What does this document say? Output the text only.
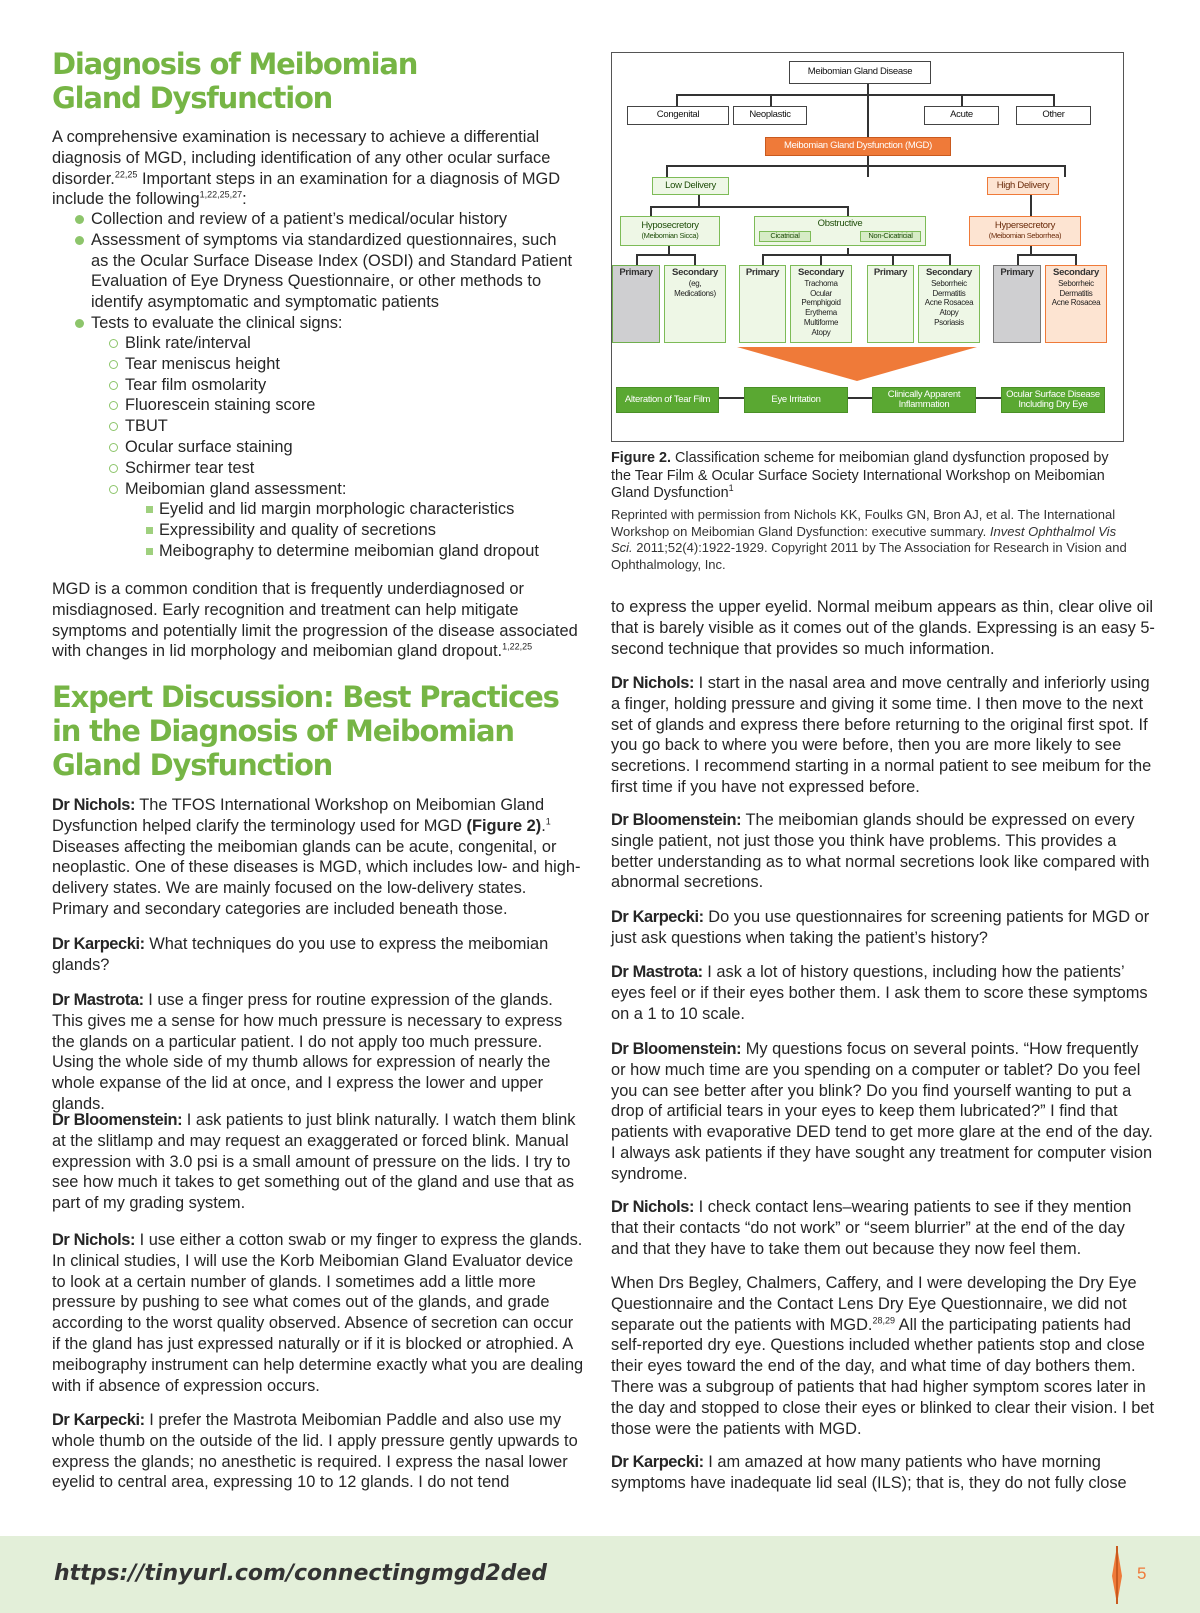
Diagnosis of Meibomian Gland Dysfunction

A comprehensive examination is necessary to achieve a differential diagnosis of MGD, including identification of any other ocular surface disorder.$^{22,25}$ Important steps in an examination for a diagnosis of MGD include the following$^{1,22,25,27}$:

Collection and review of a patient’s medical/ocular history
Assessment of symptoms via standardized questionnaires, such as the Ocular Surface Disease Index (OSDI) and Standard Patient Evaluation of Eye Dryness Questionnaire, or other methods to identify asymptomatic and symptomatic patients
Tests to evaluate the clinical signs:
Blink rate/interval
Tear meniscus height
Tear film osmolarity
Fluorescein staining score
TBUT
Ocular surface staining
Schirmer tear test
Meibomian gland assessment:
Eyelid and lid margin morphologic characteristics
Expressibility and quality of secretions
Meibography to determine meibomian gland dropout

MGD is a common condition that is frequently underdiagnosed or misdiagnosed. Early recognition and treatment can help mitigate symptoms and potentially limit the progression of the disease associated with changes in lid morphology and meibomian gland dropout.$^{1,22,25}$

Expert Discussion: Best Practices in the Diagnosis of Meibomian Gland Dysfunction

Dr Nichols: The TFOS International Workshop on Meibomian Gland Dysfunction helped clarify the terminology used for MGD (Figure 2).$^1$ Diseases affecting the meibomian glands can be acute, congenital, or neoplastic. One of these diseases is MGD, which includes low- and high-delivery states. We are mainly focused on the low-delivery states. Primary and secondary categories are included beneath those.

Dr Karpecki: What techniques do you use to express the meibomian glands?

Dr Mastrota: I use a finger press for routine expression of the glands. This gives me a sense for how much pressure is necessary to express the glands on a particular patient. I do not apply too much pressure. Using the whole side of my thumb allows for expression of nearly the whole expanse of the lid at once, and I express the lower and upper glands.

Dr Bloomenstein: I ask patients to just blink naturally. I watch them blink at the slitlamp and may request an exaggerated or forced blink. Manual expression with 3.0 psi is a small amount of pressure on the lids. I try to see how much it takes to get something out of the gland and use that as part of my grading system.

Dr Nichols: I use either a cotton swab or my finger to express the glands. In clinical studies, I will use the Korb Meibomian Gland Evaluator device to look at a certain number of glands. I sometimes add a little more pressure by pushing to see what comes out of the glands, and grade according to the worst quality observed. Absence of secretion can occur if the gland has just expressed naturally or if it is blocked or atrophied. A meibography instrument can help determine exactly what you are dealing with if absence of expression occurs.

Dr Karpecki: I prefer the Mastrota Meibomian Paddle and also use my whole thumb on the outside of the lid. I apply pressure gently upwards to express the glands; no anesthetic is required. I express the nasal lower eyelid to central area, expressing 10 to 12 glands. I do not tend

Meibomian Gland Disease
Congenital	Neoplastic	Acute	Other
Meibomian Gland Dysfunction (MGD)
Low Delivery	High Delivery
Hyposecretory
(Meibomian Sicca)
Obstructive
Cicatricial	Non-Cicatricial
Hypersecretory
(Meibomian Seborrhea)
Primary	Secondary
(eg,
Medications)
Primary	Secondary
Trachoma
Ocular
Pemphigoid
Erythema
Multiforme
Atopy
Primary	Secondary
Seborrheic
Dermatitis
Acne Rosacea
Atopy
Psoriasis
Primary	Secondary
Seborrheic
Dermatitis
Acne Rosacea
Alteration of Tear Film	Eye Irritation	Clinically Apparent Inflammation
Ocular Surface Disease Including Dry Eye

Figure 2. Classification scheme for meibomian gland dysfunction proposed by the Tear Film & Ocular Surface Society International Workshop on Meibomian Gland Dysfunction$^1$

Reprinted with permission from Nichols KK, Foulks GN, Bron AJ, et al. The International Workshop on Meibomian Gland Dysfunction: executive summary. Invest Ophthalmol Vis Sci. 2011;52(4):1922-1929. Copyright 2011 by The Association for Research in Vision and Ophthalmology, Inc.

to express the upper eyelid. Normal meibum appears as thin, clear olive oil that is barely visible as it comes out of the glands. Expressing is an easy 5-second technique that provides so much information.

Dr Nichols: I start in the nasal area and move centrally and inferiorly using a finger, holding pressure and giving it some time. I then move to the next set of glands and express there before returning to the original first spot. If you go back to where you were before, then you are more likely to see secretions. I recommend starting in a normal patient to see meibum for the first time if you have not expressed before.

Dr Bloomenstein: The meibomian glands should be expressed on every single patient, not just those you think have problems. This provides a better understanding as to what normal secretions look like compared with abnormal secretions.

Dr Karpecki: Do you use questionnaires for screening patients for MGD or just ask questions when taking the patient’s history?

Dr Mastrota: I ask a lot of history questions, including how the patients’ eyes feel or if their eyes bother them. I ask them to score these symptoms on a 1 to 10 scale.

Dr Bloomenstein: My questions focus on several points. “How frequently or how much time are you spending on a computer or tablet? Do you feel you can see better after you blink? Do you find yourself wanting to put a drop of artificial tears in your eyes to keep them lubricated?” I find that patients with evaporative DED tend to get more glare at the end of the day. I always ask patients if they have sought any treatment for computer vision syndrome.

Dr Nichols: I check contact lens–wearing patients to see if they mention that their contacts “do not work” or “seem blurrier” at the end of the day and that they have to take them out because they now feel them.

When Drs Begley, Chalmers, Caffery, and I were developing the Dry Eye Questionnaire and the Contact Lens Dry Eye Questionnaire, we did not separate out the patients with MGD.$^{28,29}$ All the participating patients had self-reported dry eye. Questions included whether patients stop and close their eyes toward the end of the day, and what time of day bothers them. There was a subgroup of patients that had higher symptom scores later in the day and stopped to close their eyes or blinked to clear their vision. I bet those were the patients with MGD.

Dr Karpecki: I am amazed at how many patients who have morning symptoms have inadequate lid seal (ILS); that is, they do not fully close

https://tinyurl.com/connectingmgd2ded	5
